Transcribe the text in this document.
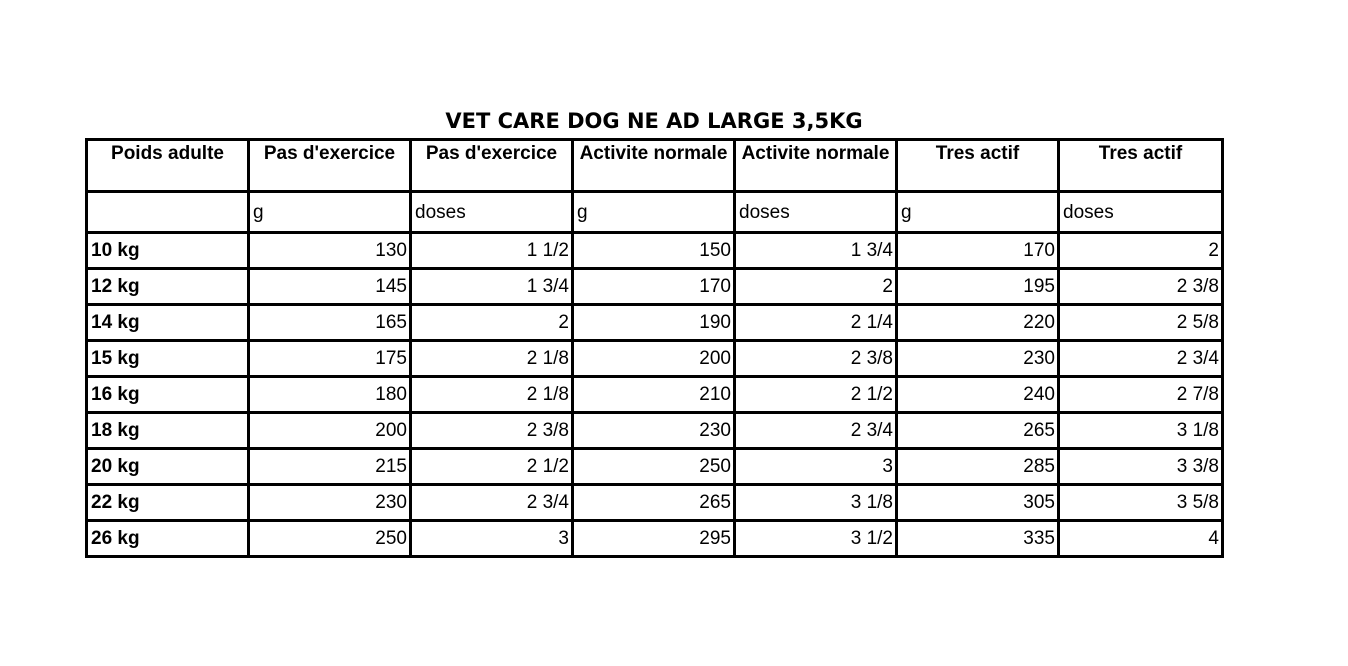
VET CARE DOG NE AD LARGE 3,5KG
Poids adulte	Pas d'exercice	Pas d'exercice	Activite normale	Activite normale	Tres actif	Tres actif
	g	doses	g	doses	g	doses
10 kg	130	1 1/2	150	1 3/4	170	2
12 kg	145	1 3/4	170	2	195	2 3/8
14 kg	165	2	190	2 1/4	220	2 5/8
15 kg	175	2 1/8	200	2 3/8	230	2 3/4
16 kg	180	2 1/8	210	2 1/2	240	2 7/8
18 kg	200	2 3/8	230	2 3/4	265	3 1/8
20 kg	215	2 1/2	250	3	285	3 3/8
22 kg	230	2 3/4	265	3 1/8	305	3 5/8
26 kg	250	3	295	3 1/2	335	4
